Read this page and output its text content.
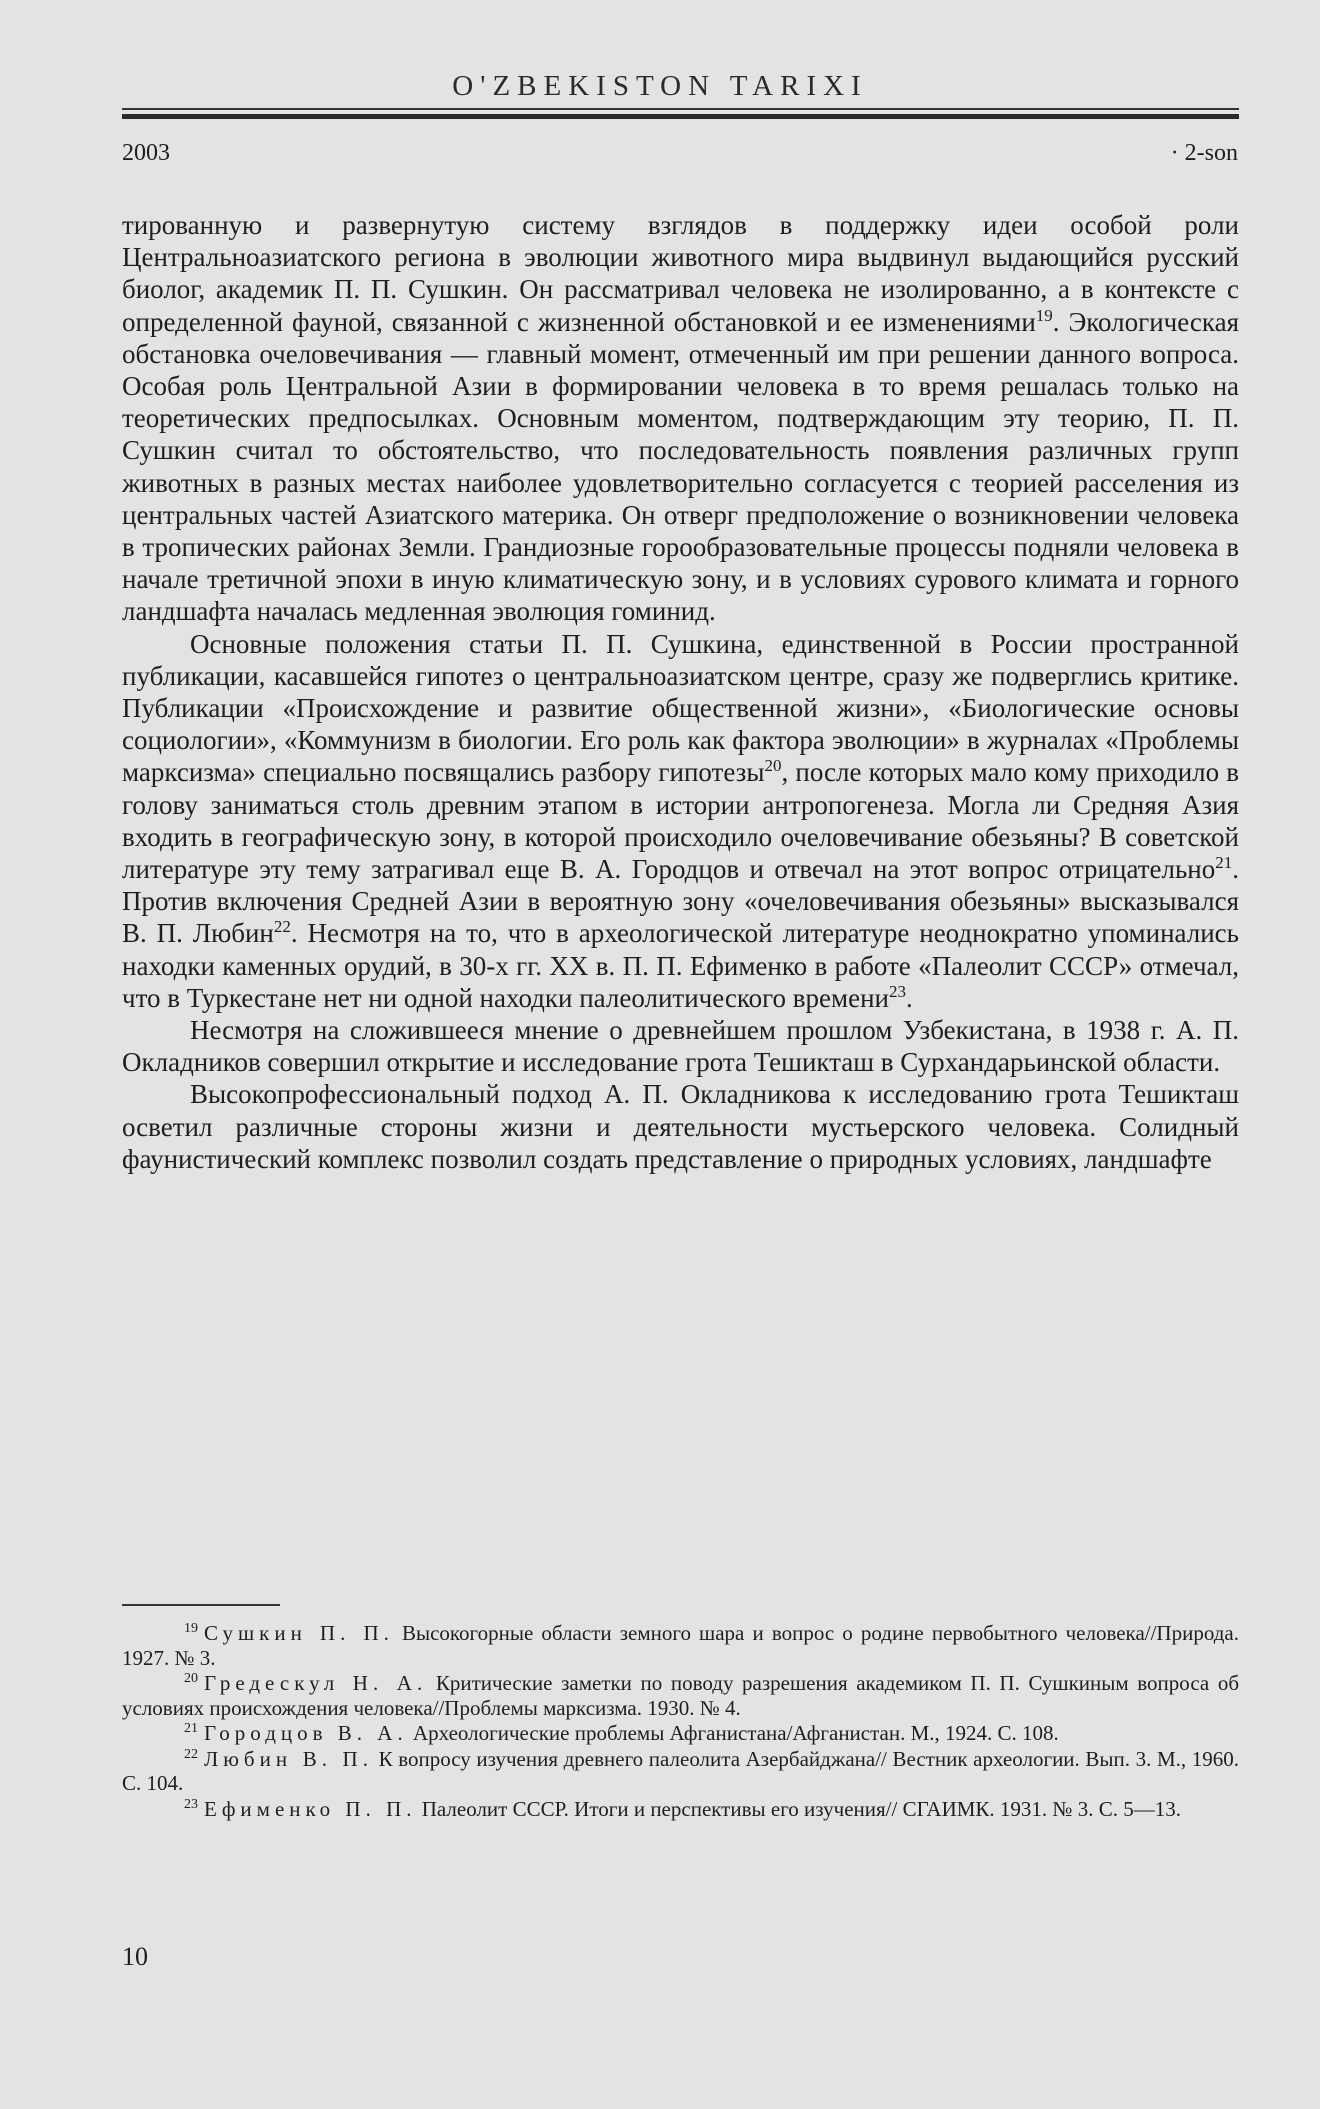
O'ZBEKISTON TARIXI
2003	· 2-son

тированную и развернутую систему взглядов в поддержку идеи особой роли Центральноазиатского региона в эволюции животного мира выдвинул выдающийся русский биолог, академик П. П. Сушкин. Он рассматривал человека не изолированно, а в контексте с определенной фауной, связанной с жизненной обстановкой и ее изменениями$^{19}$. Экологическая обстановка очеловечивания — главный момент, отмеченный им при решении данного вопроса. Особая роль Центральной Азии в формировании человека в то время решалась только на теоретических предпосылках. Основным моментом, подтверждающим эту теорию, П. П. Сушкин считал то обстоятельство, что последовательность появления различных групп животных в разных местах наиболее удовлетворительно согласуется с теорией расселения из центральных частей Азиатского материка. Он отверг предположение о возникновении человека в тропических районах Земли. Грандиозные горообразовательные процессы подняли человека в начале третичной эпохи в иную климатическую зону, и в условиях сурового климата и горного ландшафта началась медленная эволюция гоминид.

Основные положения статьи П. П. Сушкина, единственной в России пространной публикации, касавшейся гипотез о центральноазиатском центре, сразу же подверглись критике. Публикации «Происхождение и развитие общественной жизни», «Биологические основы социологии», «Коммунизм в биологии. Его роль как фактора эволюции» в журналах «Проблемы марксизма» специально посвящались разбору гипотезы$^{20}$, после которых мало кому приходило в голову заниматься столь древним этапом в истории антропогенеза. Могла ли Средняя Азия входить в географическую зону, в которой происходило очеловечивание обезьяны? В советской литературе эту тему затрагивал еще В. А. Городцов и отвечал на этот вопрос отрицательно$^{21}$. Против включения Средней Азии в вероятную зону «очеловечивания обезьяны» высказывался В. П. Любин$^{22}$. Несмотря на то, что в археологической литературе неоднократно упоминались находки каменных орудий, в 30-х гг. XX в. П. П. Ефименко в работе «Палеолит СССР» отмечал, что в Туркестане нет ни одной находки палеолитического времени$^{23}$.

Несмотря на сложившееся мнение о древнейшем прошлом Узбекистана, в 1938 г. А. П. Окладников совершил открытие и исследование грота Тешикташ в Сурхандарьинской области.

Высокопрофессиональный подход А. П. Окладникова к исследованию грота Тешикташ осветил различные стороны жизни и деятельности мустьерского человека. Солидный фаунистический комплекс позволил создать представление о природных условиях, ландшафте

$^{19}$ Сушкин П. П. Высокогорные области земного шара и вопрос о родине первобытного человека//Природа. 1927. № 3.

$^{20}$ Гредескул Н. А. Критические заметки по поводу разрешения академиком П. П. Сушкиным вопроса об условиях происхождения человека//Проблемы марксизма. 1930. № 4.

$^{21}$ Городцов В. А. Археологические проблемы Афганистана/Афганистан. М., 1924. С. 108.

$^{22}$ Любин В. П. К вопросу изучения древнего палеолита Азербайджана// Вестник археологии. Вып. 3. М., 1960. С. 104.

$^{23}$ Ефименко П. П. Палеолит СССР. Итоги и перспективы его изучения// СГАИМК. 1931. № 3. С. 5—13.

10
